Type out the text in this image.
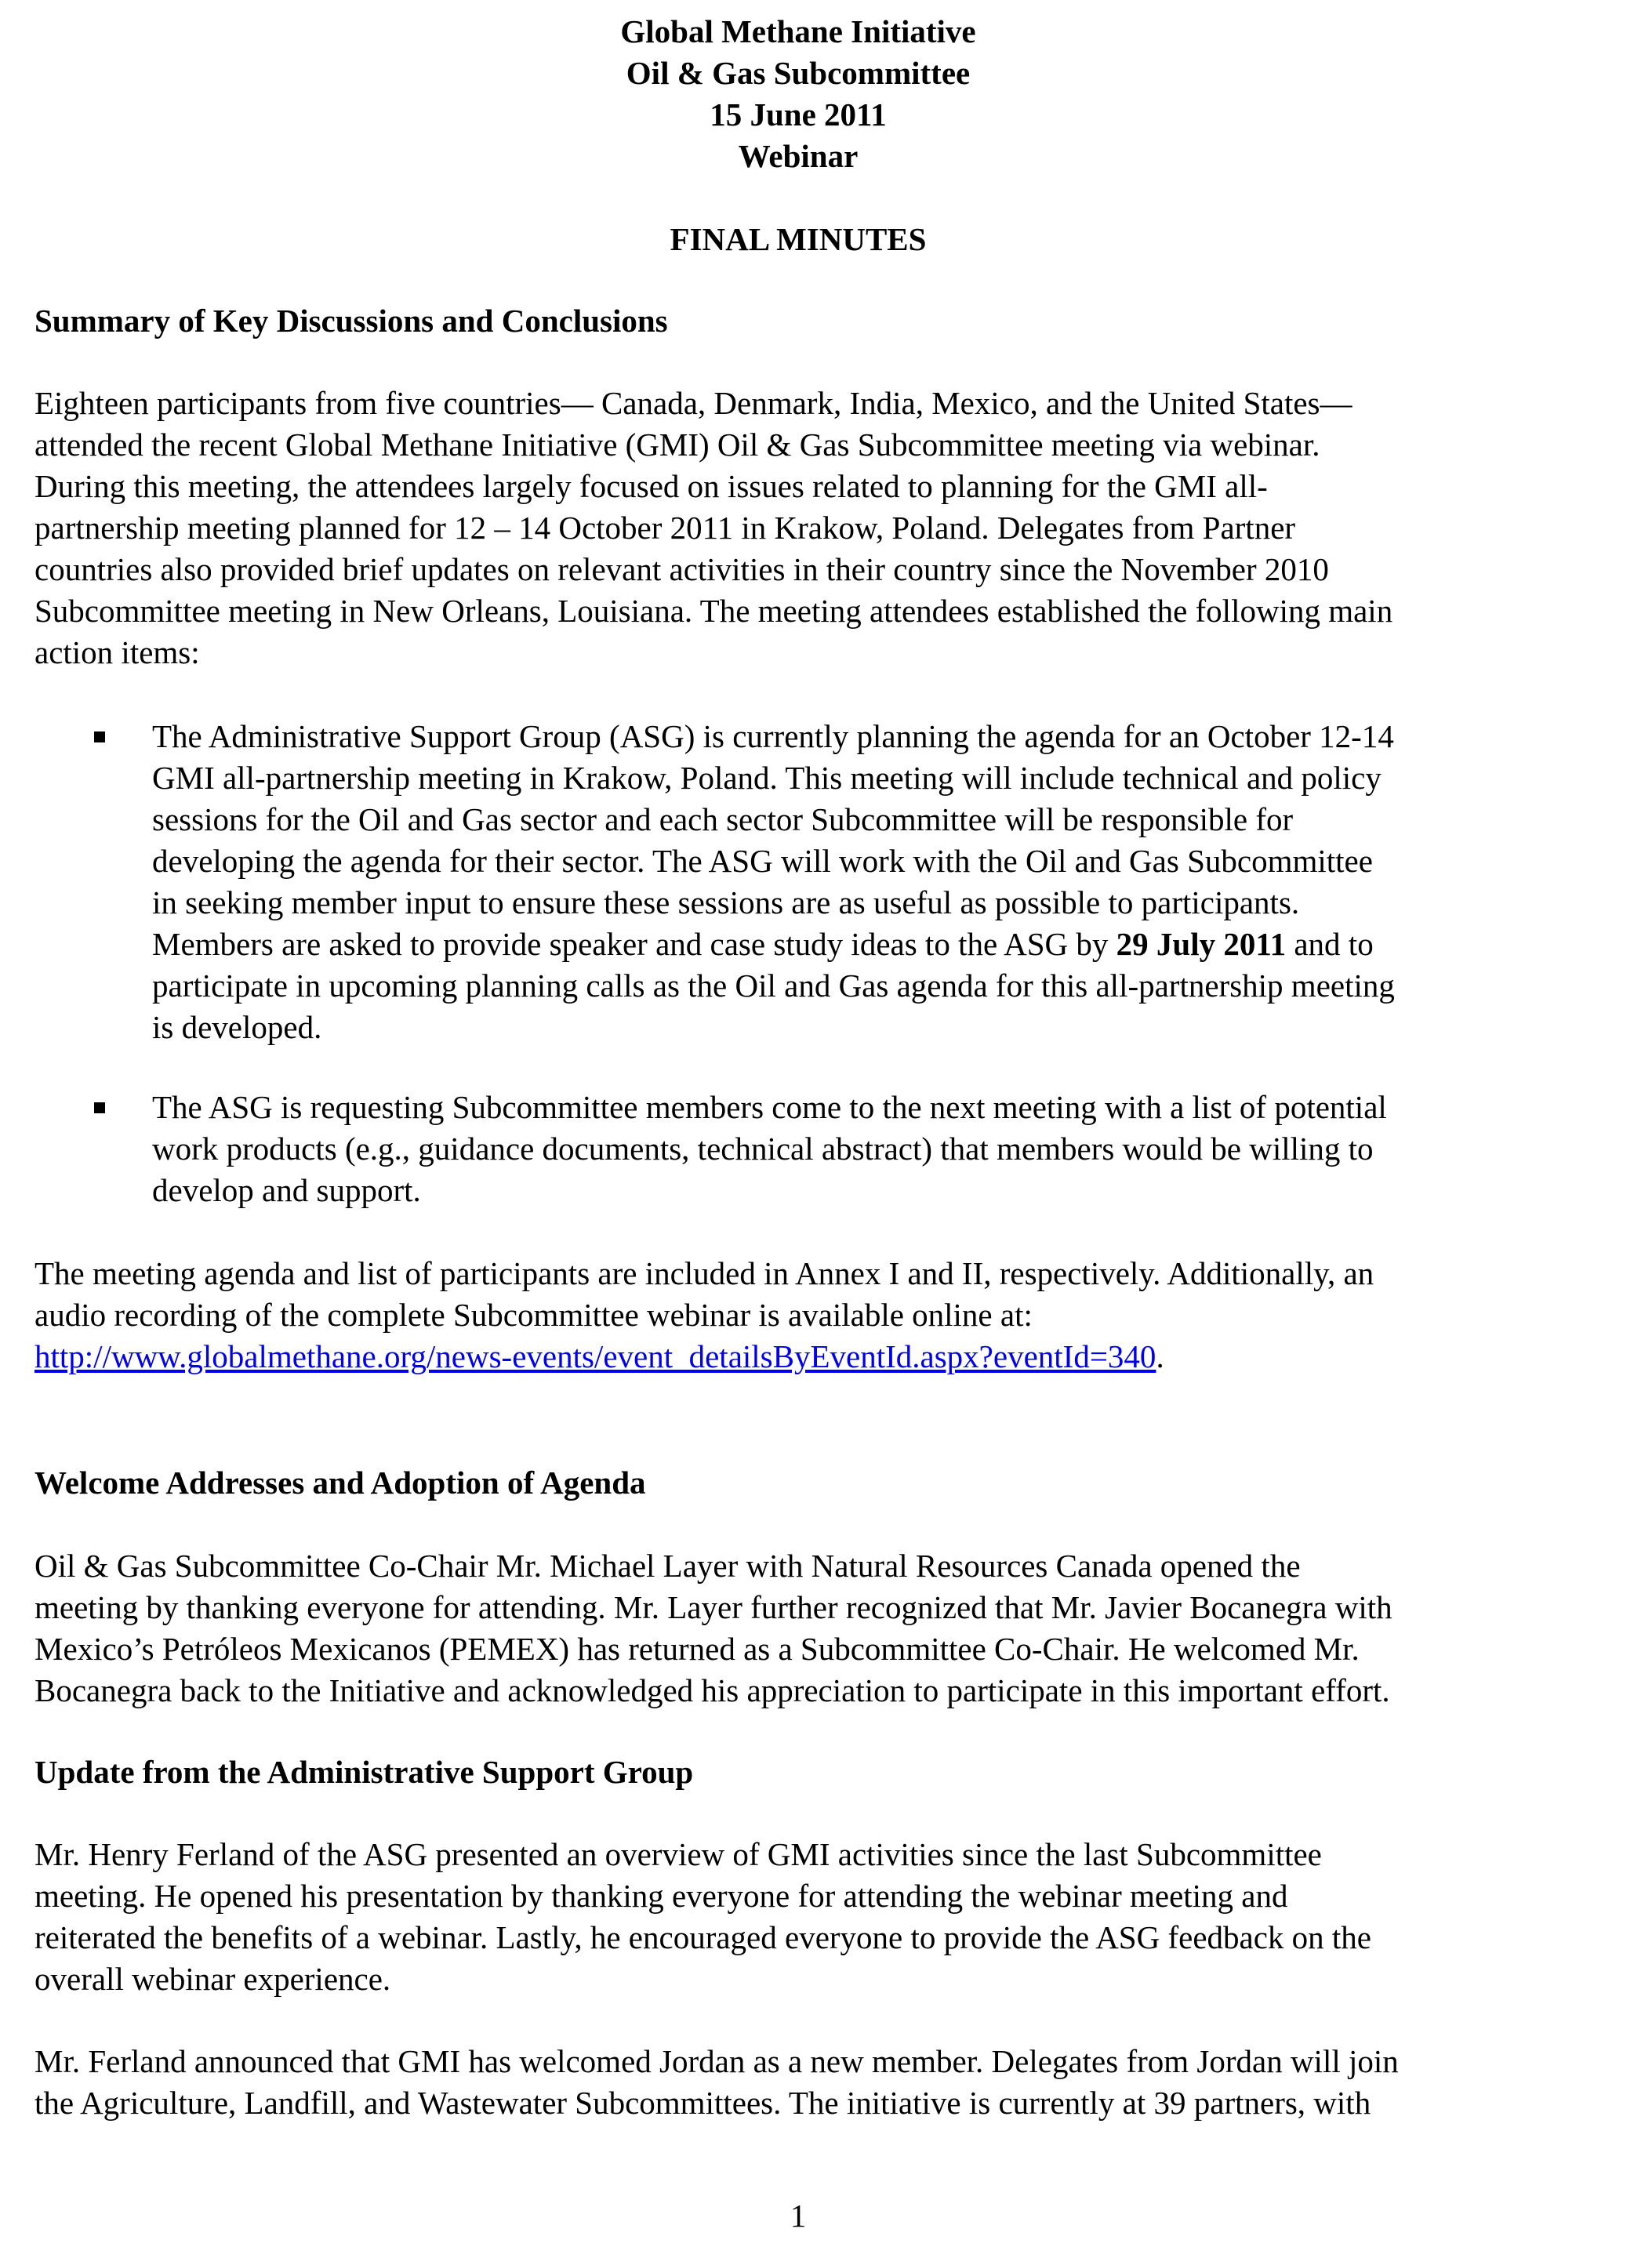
Global Methane Initiative
Oil & Gas Subcommittee
15 June 2011
Webinar
FINAL MINUTES
Summary of Key Discussions and Conclusions
Eighteen participants from five countries— Canada, Denmark, India, Mexico, and the United States—
attended the recent Global Methane Initiative (GMI) Oil & Gas Subcommittee meeting via webinar.
During this meeting, the attendees largely focused on issues related to planning for the GMI all-
partnership meeting planned for 12 – 14 October 2011 in Krakow, Poland. Delegates from Partner
countries also provided brief updates on relevant activities in their country since the November 2010
Subcommittee meeting in New Orleans, Louisiana. The meeting attendees established the following main
action items:
The Administrative Support Group (ASG) is currently planning the agenda for an October 12-14
GMI all-partnership meeting in Krakow, Poland. This meeting will include technical and policy
sessions for the Oil and Gas sector and each sector Subcommittee will be responsible for
developing the agenda for their sector. The ASG will work with the Oil and Gas Subcommittee
in seeking member input to ensure these sessions are as useful as possible to participants.
Members are asked to provide speaker and case study ideas to the ASG by 29 July 2011 and to
participate in upcoming planning calls as the Oil and Gas agenda for this all-partnership meeting
is developed.
The ASG is requesting Subcommittee members come to the next meeting with a list of potential
work products (e.g., guidance documents, technical abstract) that members would be willing to
develop and support.
The meeting agenda and list of participants are included in Annex I and II, respectively. Additionally, an
audio recording of the complete Subcommittee webinar is available online at:
http://www.globalmethane.org/news-events/event_detailsByEventId.aspx?eventId=340.
Welcome Addresses and Adoption of Agenda
Oil & Gas Subcommittee Co-Chair Mr. Michael Layer with Natural Resources Canada opened the
meeting by thanking everyone for attending. Mr. Layer further recognized that Mr. Javier Bocanegra with
Mexico’s Petróleos Mexicanos (PEMEX) has returned as a Subcommittee Co-Chair. He welcomed Mr.
Bocanegra back to the Initiative and acknowledged his appreciation to participate in this important effort.
Update from the Administrative Support Group
Mr. Henry Ferland of the ASG presented an overview of GMI activities since the last Subcommittee
meeting. He opened his presentation by thanking everyone for attending the webinar meeting and
reiterated the benefits of a webinar. Lastly, he encouraged everyone to provide the ASG feedback on the
overall webinar experience.
Mr. Ferland announced that GMI has welcomed Jordan as a new member. Delegates from Jordan will join
the Agriculture, Landfill, and Wastewater Subcommittees. The initiative is currently at 39 partners, with
1
